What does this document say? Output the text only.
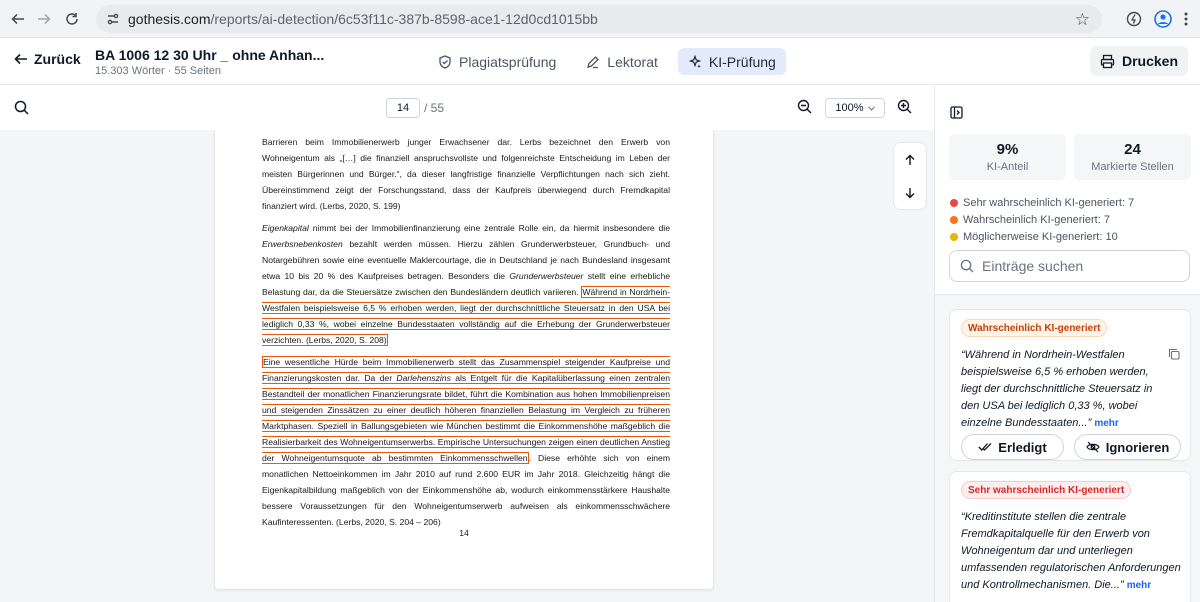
gothesis.com/reports/ai-detection/6c53f11c-387b-8598-ace1-12d0cd1015bb	☆
Zurück BA 1006 12 30 Uhr _ ohne Anhan...
15.303 Wörter · 55 Seiten
Plagiatsprüfung	Lektorat	KI-Prüfung	Drucken
14	/ 55	100%
Barrieren beim Immobilienerwerb junger Erwachsener dar. Lerbs bezeichnet den Erwerb von Wohneigentum als „[…] die finanziell anspruchsvollste und folgenreichste Entscheidung im Leben der meisten Bürgerinnen und Bürger.“, da dieser langfristige finanzielle Verpflichtungen nach sich zieht. Übereinstimmend zeigt der Forschungsstand, dass der Kaufpreis überwiegend durch Fremdkapital finanziert wird. (Lerbs, 2020, S. 199)
Eigenkapital nimmt bei der Immobilienfinanzierung eine zentrale Rolle ein, da hiermit insbesondere die Erwerbsnebenkosten bezahlt werden müssen. Hierzu zählen Grunderwerbsteuer, Grundbuch- und Notargebühren sowie eine eventuelle Maklercourtage, die in Deutschland je nach Bundesland insgesamt etwa 10 bis 20 % des Kaufpreises betragen. Besonders die Grunderwerbsteuer stellt eine erhebliche Belastung dar, da die Steuersätze zwischen den Bundesländern deutlich variieren. Während in Nordrhein-Westfalen beispielsweise 6,5 % erhoben werden, liegt der durchschnittliche Steuersatz in den USA bei lediglich 0,33 %, wobei einzelne Bundesstaaten vollständig auf die Erhebung der Grunderwerbsteuer verzichten. (Lerbs, 2020, S. 208)
Eine wesentliche Hürde beim Immobilienerwerb stellt das Zusammenspiel steigender Kaufpreise und Finanzierungskosten dar. Da der Darlehenszins als Entgelt für die Kapitalüberlassung einen zentralen Bestandteil der monatlichen Finanzierungsrate bildet, führt die Kombination aus hohen Immobilienpreisen und steigenden Zinssätzen zu einer deutlich höheren finanziellen Belastung im Vergleich zu früheren Marktphasen. Speziell in Ballungsgebieten wie München bestimmt die Einkommenshöhe maßgeblich die Realisierbarkeit des Wohneigentumserwerbs. Empirische Untersuchungen zeigen einen deutlichen Anstieg der Wohneigentumsquote ab bestimmten Einkommensschwellen. Diese erhöhte sich von einem monatlichen Nettoeinkommen im Jahr 2010 auf rund 2.600 EUR im Jahr 2018. Gleichzeitig hängt die Eigenkapitalbildung maßgeblich von der Einkommenshöhe ab, wodurch einkommensstärkere Haushalte bessere Voraussetzungen für den Wohneigentumserwerb aufweisen als einkommensschwächere Kaufinteressenten. (Lerbs, 2020, S. 204 – 206)
14
9%
KI-Anteil
24
Markierte Stellen
Sehr wahrscheinlich KI-generiert: 7
Wahrscheinlich KI-generiert: 7
Möglicherweise KI-generiert: 10
Einträge suchen
Wahrscheinlich KI-generiert
“Während in Nordrhein-Westfalen beispielsweise 6,5 % erhoben werden, liegt der durchschnittliche Steuersatz in den USA bei lediglich 0,33 %, wobei einzelne Bundesstaaten...” mehr
Erledigt	Ignorieren
Sehr wahrscheinlich KI-generiert
“Kreditinstitute stellen die zentrale Fremdkapitalquelle für den Erwerb von Wohneigentum dar und unterliegen umfassenden regulatorischen Anforderungen und Kontrollmechanismen. Die...” mehr
